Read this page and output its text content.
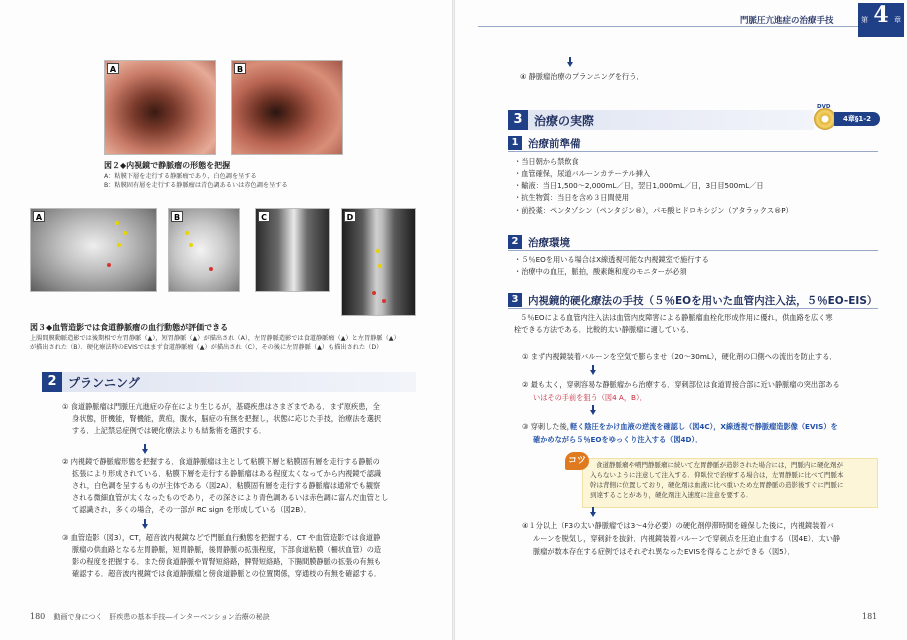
門脈圧亢進症の治療手技	第 4 章
A	B
図２◆内視鏡で静脈瘤の形態を把握
A：粘膜下層を走行する静脈瘤であり，白色調を呈する
B：粘膜固有層を走行する静脈瘤は青色調あるいは赤色調を呈する
A	B	C	D
図３◆血管造影では食道静脈瘤の血行動態が評価できる
上腸間膜動脈造影では後期相で左胃静脈（▲），短胃静脈（▲）が描出され（A），左胃静脈造影では食道静脈瘤（▲）と左胃静脈（▲）
が描出された（B）．硬化療法時のEVISではまず食道静脈瘤（▲）が描出され（C），その後に左胃静脈（▲）も描出された（D）
2 プランニング
① 食道静脈瘤は門脈圧亢進症の存在により生じるが，基礎疾患はさまざまである．まず原疾患，全
身状態，肝機能，腎機能，黄疸，腹水，脳症の有無を把握し，状態に応じた手技，治療法を選択
する．上記禁忌症例では硬化療法よりも結紮術を選択する．
② 内視鏡で静脈瘤形態を把握する．食道静脈瘤は主として粘膜下層と粘膜固有層を走行する静脈の
拡張により形成されている．粘膜下層を走行する静脈瘤はある程度太くなってから内視鏡で認識
され，白色調を呈するものが主体である（図2A）．粘膜固有層を走行する静脈瘤は通常でも観察
される微細血管が太くなったものであり，その深さにより青色調あるいは赤色調に富んだ血管とし
て認識され，多くの場合，その一部が RC sign を形成している（図2B）．
③ 血管造影（図3），CT，超音波内視鏡などで門脈血行動態を把握する．CT や血管造影では食道静
脈瘤の供血路となる左胃静脈，短胃静脈，後胃静脈の拡張程度，下部食道粘膜（柵状血管）の造
影の程度を把握する．また傍食道静脈や胃腎短絡路，脾腎短絡路，下腸間膜静脈の拡張の有無も
確認する．超音波内視鏡では食道静脈瘤と傍食道静脈との位置関係，穿通枝の有無を確認する．
④ 静脈瘤治療のプランニングを行う．
3 治療の実際
DVD
4章§1-2
1 治療前準備
・当日朝から禁飲食
・血管確保，尿道バルーンカテーテル挿入
・輸液：当日1,500～2,000mL／日，翌日1,000mL／日，3日目500mL／日
・抗生物質：当日を含め３日間使用
・前投薬：ペンタゾシン（ペンタジン®），パモ酸ヒドロキシジン（アタラックス®P）
2 治療環境
・５％EOを用いる場合はX線透視可能な内視鏡室で施行する
・治療中の血圧，脈拍，酸素飽和度のモニターが必須
3 内視鏡的硬化療法の手技（５％EOを用いた血管内注入法，５％EO-EIS）
５％EOによる血管内注入法は血管内皮障害による静脈瘤血栓化形成作用に優れ，供血路を広く寒
栓できる方法である．比較的太い静脈瘤に適している．
① まず内視鏡装着バルーンを空気で膨らませ（20～30mL），硬化剤の口側への流出を防止する．
② 最も太く，穿刺容易な静脈瘤から治療する．穿刺部位は食道胃接合部に近い静脈瘤の突出部ある
いはその手前を狙う（図4 A，B）．
③ 穿刺した後，
軽く陰圧をかけ血液の逆流を確認し（図4C），X線透視で静脈瘤造影像（EVIS）を
確かめながら５％EOをゆっくり注入する（図4D）．
コツ	食道静脈瘤や噴門静脈瘤に続いて左胃静脈が造影された場合には，門脈内に硬化剤が
入らないように注意して注入する．仰臥位で治療する場合は，左胃静脈に比べて門脈本
幹は背側に位置しており，硬化剤は血液に比べ重いため左胃静脈の造影後すぐに門脈に
到達することがあり，硬化剤注入速度に注意を要する．
④１分以上（F3の太い静脈瘤では3～4分必要）の硬化剤停滞時間を確保した後に，内視鏡装着バ
ルーンを脱気し，穿刺針を抜針．内視鏡装着バルーンで穿刺点を圧迫止血する（図4E）．太い静
脈瘤が数本存在する症例ではそれぞれ異なったEVISを得ることができる（図5）．
180 動画で身につく　肝疾患の基本手技―インターベンション治療の秘訣	181
